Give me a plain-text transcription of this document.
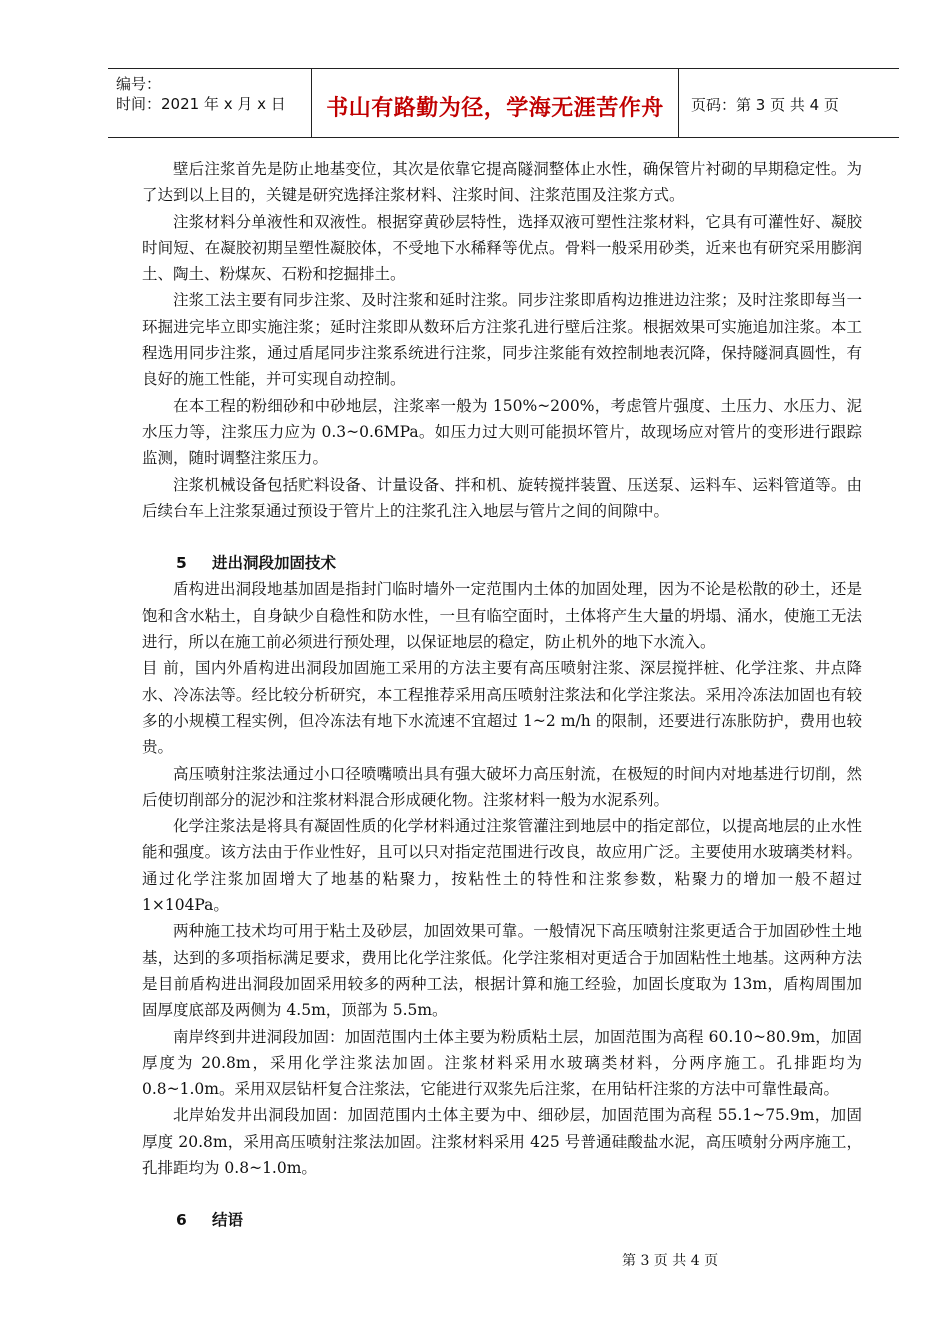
编号：
时间：2021 年 x 月 x 日	书山有路勤为径，学海无涯苦作舟	页码：第 3 页 共 4 页

壁后注浆首先是防止地基变位，其次是依靠它提高隧洞整体止水性，确保管片衬砌的早期稳定性。为了达到以上目的，关键是研究选择注浆材料、注浆时间、注浆范围及注浆方式。

注浆材料分单液性和双液性。根据穿黄砂层特性，选择双液可塑性注浆材料，它具有可灌性好、凝胶时间短、在凝胶初期呈塑性凝胶体，不受地下水稀释等优点。骨料一般采用砂类，近来也有研究采用膨润土、陶土、粉煤灰、石粉和挖掘排土。

注浆工法主要有同步注浆、及时注浆和延时注浆。同步注浆即盾构边推进边注浆；及时注浆即每当一环掘进完毕立即实施注浆；延时注浆即从数环后方注浆孔进行壁后注浆。根据效果可实施追加注浆。本工程选用同步注浆，通过盾尾同步注浆系统进行注浆，同步注浆能有效控制地表沉降，保持隧洞真圆性，有良好的施工性能，并可实现自动控制。

在本工程的粉细砂和中砂地层，注浆率一般为 150%~200%，考虑管片强度、土压力、水压力、泥水压力等，注浆压力应为 0.3~0.6MPa。如压力过大则可能损坏管片，故现场应对管片的变形进行跟踪监测，随时调整注浆压力。

注浆机械设备包括贮料设备、计量设备、拌和机、旋转搅拌装置、压送泵、运料车、运料管道等。由后续台车上注浆泵通过预设于管片上的注浆孔注入地层与管片之间的间隙中。

5 进出洞段加固技术

盾构进出洞段地基加固是指封门临时墙外一定范围内土体的加固处理，因为不论是松散的砂土，还是饱和含水粘土，自身缺少自稳性和防水性，一旦有临空面时，土体将产生大量的坍塌、涌水，使施工无法进行，所以在施工前必须进行预处理，以保证地层的稳定，防止机外的地下水流入。

目 前，国内外盾构进出洞段加固施工采用的方法主要有高压喷射注浆、深层搅拌桩、化学注浆、井点降水、冷冻法等。经比较分析研究，本工程推荐采用高压喷射注浆法和化学注浆法。采用冷冻法加固也有较多的小规模工程实例，但冷冻法有地下水流速不宜超过 1~2 m/h 的限制，还要进行冻胀防护，费用也较贵。

高压喷射注浆法通过小口径喷嘴喷出具有强大破坏力高压射流，在极短的时间内对地基进行切削，然后使切削部分的泥沙和注浆材料混合形成硬化物。注浆材料一般为水泥系列。

化学注浆法是将具有凝固性质的化学材料通过注浆管灌注到地层中的指定部位，以提高地层的止水性能和强度。该方法由于作业性好，且可以只对指定范围进行改良，故应用广泛。主要使用水玻璃类材料。通过化学注浆加固增大了地基的粘聚力，按粘性土的特性和注浆参数，粘聚力的增加一般不超过 1×104Pa。

两种施工技术均可用于粘土及砂层，加固效果可靠。一般情况下高压喷射注浆更适合于加固砂性土地基，达到的多项指标满足要求，费用比化学注浆低。化学注浆相对更适合于加固粘性土地基。这两种方法是目前盾构进出洞段加固采用较多的两种工法，根据计算和施工经验，加固长度取为 13m，盾构周围加固厚度底部及两侧为 4.5m，顶部为 5.5m。

南岸终到井进洞段加固：加固范围内土体主要为粉质粘土层，加固范围为高程 60.10~80.9m，加固厚度为 20.8m，采用化学注浆法加固。注浆材料采用水玻璃类材料，分两序施工。孔排距均为 0.8~1.0m。采用双层钻杆复合注浆法，它能进行双浆先后注浆，在用钻杆注浆的方法中可靠性最高。

北岸始发井出洞段加固：加固范围内土体主要为中、细砂层，加固范围为高程 55.1~75.9m，加固厚度 20.8m，采用高压喷射注浆法加固。注浆材料采用 425 号普通硅酸盐水泥，高压喷射分两序施工，孔排距均为 0.8~1.0m。

6 结语
第 3 页 共 4 页
